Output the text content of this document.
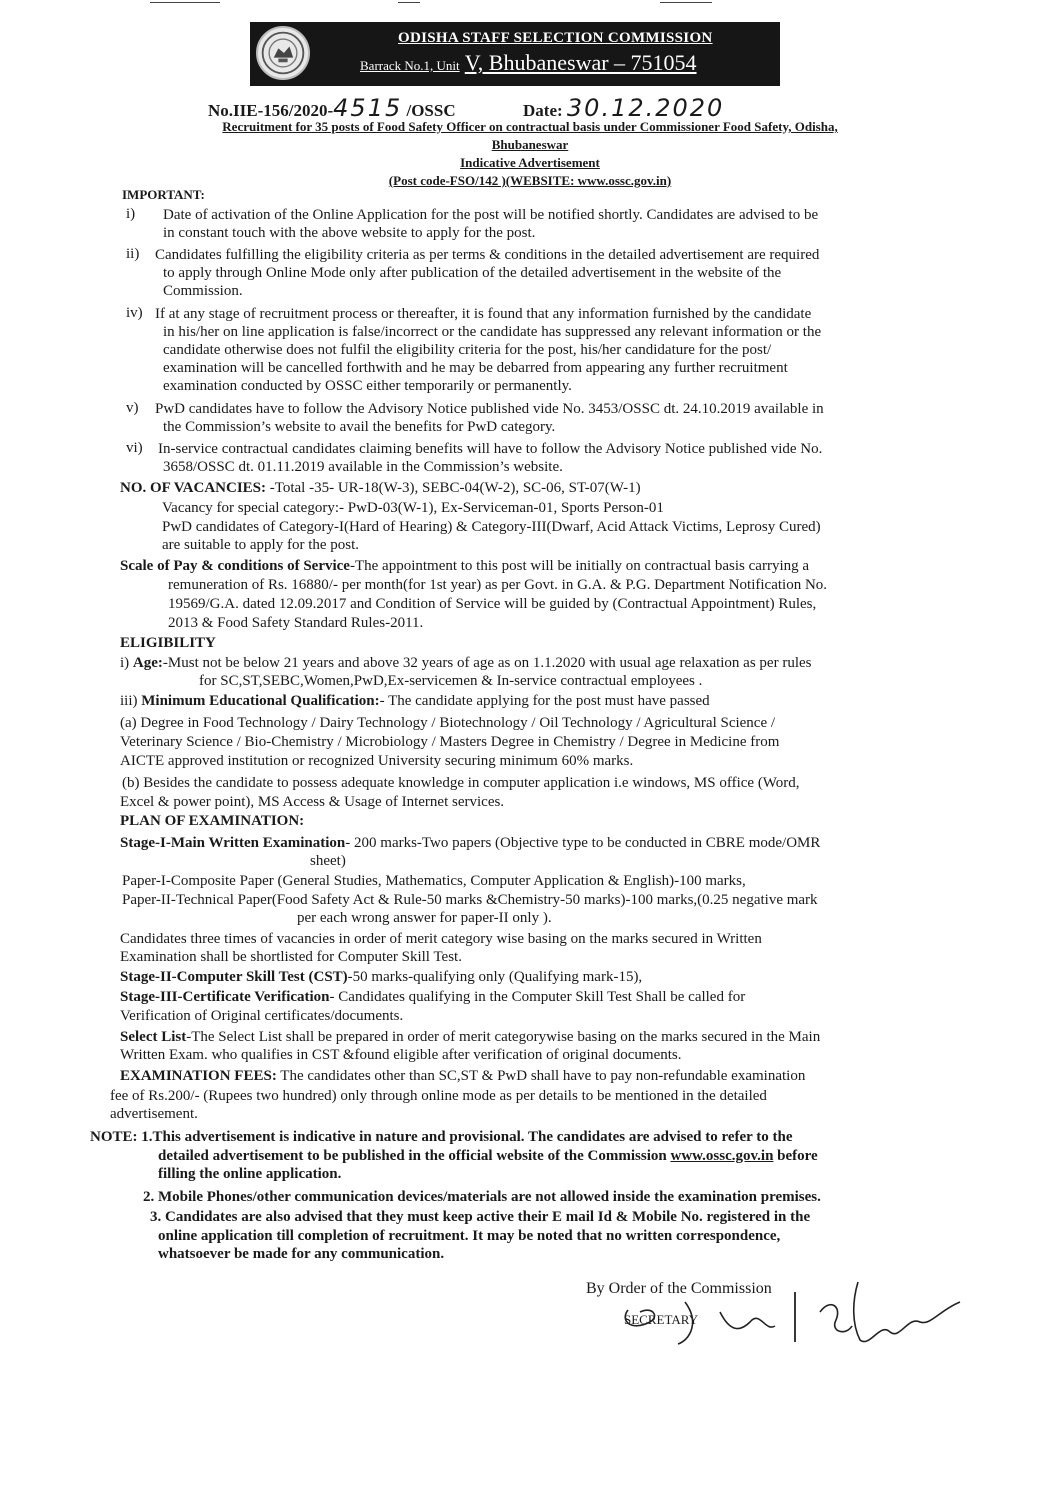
ODISHA STAFF SELECTION COMMISSION
Barrack No.1, Unit V, Bhubaneswar – 751054
No.IIE-156/2020-4515 /OSSC	Date: 30.12.2020
Recruitment for 35 posts of Food Safety Officer on contractual basis under Commissioner Food Safety, Odisha,
Bhubaneswar
Indicative Advertisement
(Post code-FSO/142 )(WEBSITE: www.ossc.gov.in)
IMPORTANT:
i) Date of activation of the Online Application for the post will be notified shortly. Candidates are advised to be
in constant touch with the above website to apply for the post.
ii) Candidates fulfilling the eligibility criteria as per terms & conditions in the detailed advertisement are required
to apply through Online Mode only after publication of the detailed advertisement in the website of the
Commission.
iv) If at any stage of recruitment process or thereafter, it is found that any information furnished by the candidate
in his/her on line application is false/incorrect or the candidate has suppressed any relevant information or the
candidate otherwise does not fulfil the eligibility criteria for the post, his/her candidature for the post/
examination will be cancelled forthwith and he may be debarred from appearing any further recruitment
examination conducted by OSSC either temporarily or permanently.
v) PwD candidates have to follow the Advisory Notice published vide No. 3453/OSSC dt. 24.10.2019 available in
the Commission’s website to avail the benefits for PwD category.
vi) In-service contractual candidates claiming benefits will have to follow the Advisory Notice published vide No.
3658/OSSC dt. 01.11.2019 available in the Commission’s website.
NO. OF VACANCIES: -Total -35- UR-18(W-3), SEBC-04(W-2), SC-06, ST-07(W-1)
Vacancy for special category:- PwD-03(W-1), Ex-Serviceman-01, Sports Person-01
PwD candidates of Category-I(Hard of Hearing) & Category-III(Dwarf, Acid Attack Victims, Leprosy Cured)
are suitable to apply for the post.
Scale of Pay & conditions of Service-The appointment to this post will be initially on contractual basis carrying a
remuneration of Rs. 16880/- per month(for 1st year) as per Govt. in G.A. & P.G. Department Notification No.
19569/G.A. dated 12.09.2017 and Condition of Service will be guided by (Contractual Appointment) Rules,
2013 & Food Safety Standard Rules-2011.
ELIGIBILITY
i) Age:-Must not be below 21 years and above 32 years of age as on 1.1.2020 with usual age relaxation as per rules
for SC,ST,SEBC,Women,PwD,Ex-servicemen & In-service contractual employees .
iii) Minimum Educational Qualification:- The candidate applying for the post must have passed
(a) Degree in Food Technology / Dairy Technology / Biotechnology / Oil Technology / Agricultural Science /
Veterinary Science / Bio-Chemistry / Microbiology / Masters Degree in Chemistry / Degree in Medicine from
AICTE approved institution or recognized University securing minimum 60% marks.
(b) Besides the candidate to possess adequate knowledge in computer application i.e windows, MS office (Word,
Excel & power point), MS Access & Usage of Internet services.
PLAN OF EXAMINATION:
Stage-I-Main Written Examination- 200 marks-Two papers (Objective type to be conducted in CBRE mode/OMR
sheet)
Paper-I-Composite Paper (General Studies, Mathematics, Computer Application & English)-100 marks,
Paper-II-Technical Paper(Food Safety Act & Rule-50 marks &Chemistry-50 marks)-100 marks,(0.25 negative mark
per each wrong answer for paper-II only ).
Candidates three times of vacancies in order of merit category wise basing on the marks secured in Written
Examination shall be shortlisted for Computer Skill Test.
Stage-II-Computer Skill Test (CST)-50 marks-qualifying only (Qualifying mark-15),
Stage-III-Certificate Verification- Candidates qualifying in the Computer Skill Test Shall be called for
Verification of Original certificates/documents.
Select List-The Select List shall be prepared in order of merit categorywise basing on the marks secured in the Main
Written Exam. who qualifies in CST &found eligible after verification of original documents.
EXAMINATION FEES: The candidates other than SC,ST & PwD shall have to pay non-refundable examination
fee of Rs.200/- (Rupees two hundred) only through online mode as per details to be mentioned in the detailed
advertisement.
NOTE: 1.This advertisement is indicative in nature and provisional. The candidates are advised to refer to the
detailed advertisement to be published in the official website of the Commission www.ossc.gov.in before
filling the online application.
2. Mobile Phones/other communication devices/materials are not allowed inside the examination premises.
3. Candidates are also advised that they must keep active their E mail Id & Mobile No. registered in the
online application till completion of recruitment. It may be noted that no written correspondence,
whatsoever be made for any communication.
By Order of the Commission
SECRETARY
